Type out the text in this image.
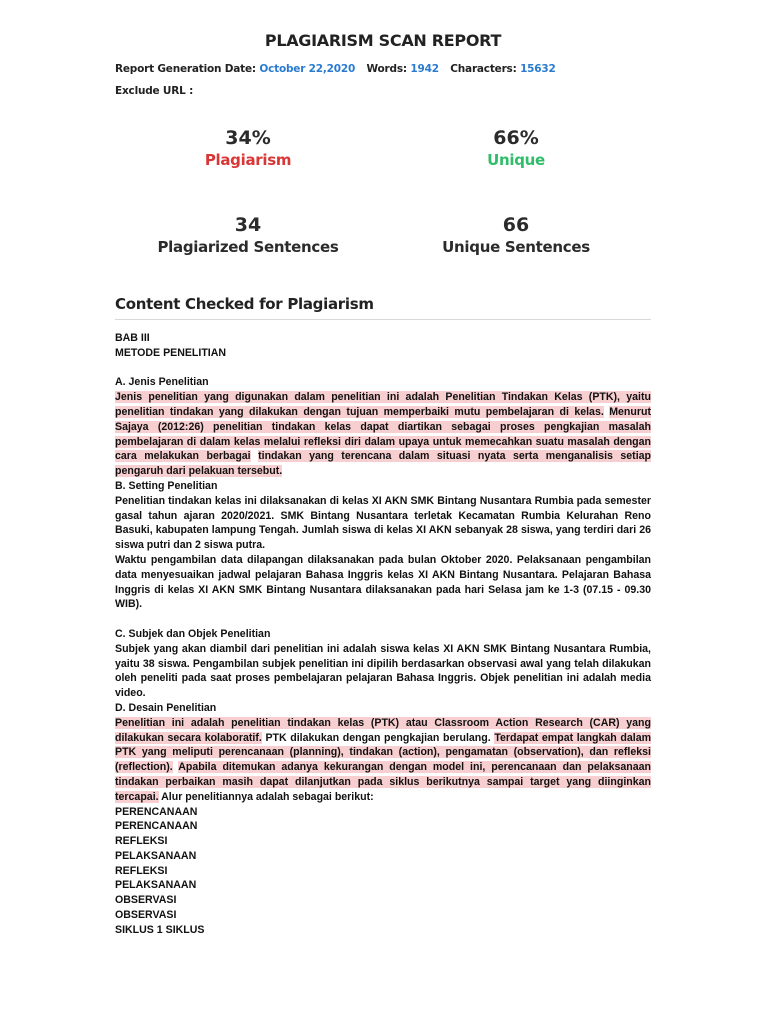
PLAGIARISM SCAN REPORT
Report Generation Date: October 22,2020 Words: 1942 Characters: 15632
Exclude URL :
34%
Plagiarism
66%
Unique
34
Plagiarized Sentences
66
Unique Sentences
Content Checked for Plagiarism

BAB III

METODE PENELITIAN

A. Jenis Penelitian

Jenis penelitian yang digunakan dalam penelitian ini adalah Penelitian Tindakan Kelas (PTK), yaitu penelitian tindakan yang dilakukan dengan tujuan memperbaiki mutu pembelajaran di kelas. Menurut Sajaya (2012:26) penelitian tindakan kelas dapat diartikan sebagai proses pengkajian masalah pembelajaran di dalam kelas melalui refleksi diri dalam upaya untuk memecahkan suatu masalah dengan cara melakukan berbagai tindakan yang terencana dalam situasi nyata serta menganalisis setiap pengaruh dari pelakuan tersebut.

B. Setting Penelitian

Penelitian tindakan kelas ini dilaksanakan di kelas XI AKN SMK Bintang Nusantara Rumbia pada semester gasal tahun ajaran 2020/2021. SMK Bintang Nusantara terletak Kecamatan Rumbia Kelurahan Reno Basuki, kabupaten lampung Tengah. Jumlah siswa di kelas XI AKN sebanyak 28 siswa, yang terdiri dari 26 siswa putri dan 2 siswa putra.

Waktu pengambilan data dilapangan dilaksanakan pada bulan Oktober 2020. Pelaksanaan pengambilan data menyesuaikan jadwal pelajaran Bahasa Inggris kelas XI AKN Bintang Nusantara. Pelajaran Bahasa Inggris di kelas XI AKN SMK Bintang Nusantara dilaksanakan pada hari Selasa jam ke 1-3 (07.15 - 09.30 WIB).

C. Subjek dan Objek Penelitian

Subjek yang akan diambil dari penelitian ini adalah siswa kelas XI AKN SMK Bintang Nusantara Rumbia, yaitu 38 siswa. Pengambilan subjek penelitian ini dipilih berdasarkan observasi awal yang telah dilakukan oleh peneliti pada saat proses pembelajaran pelajaran Bahasa Inggris. Objek penelitian ini adalah media video.

D. Desain Penelitian

Penelitian ini adalah penelitian tindakan kelas (PTK) atau Classroom Action Research (CAR) yang dilakukan secara kolaboratif. PTK dilakukan dengan pengkajian berulang. Terdapat empat langkah dalam PTK yang meliputi perencanaan (planning), tindakan (action), pengamatan (observation), dan refleksi (reflection). Apabila ditemukan adanya kekurangan dengan model ini, perencanaan dan pelaksanaan tindakan perbaikan masih dapat dilanjutkan pada siklus berikutnya sampai target yang diinginkan tercapai. Alur penelitiannya adalah sebagai berikut:

PERENCANAAN

PERENCANAAN

REFLEKSI

PELAKSANAAN

REFLEKSI

PELAKSANAAN

OBSERVASI

OBSERVASI

SIKLUS 1 SIKLUS
